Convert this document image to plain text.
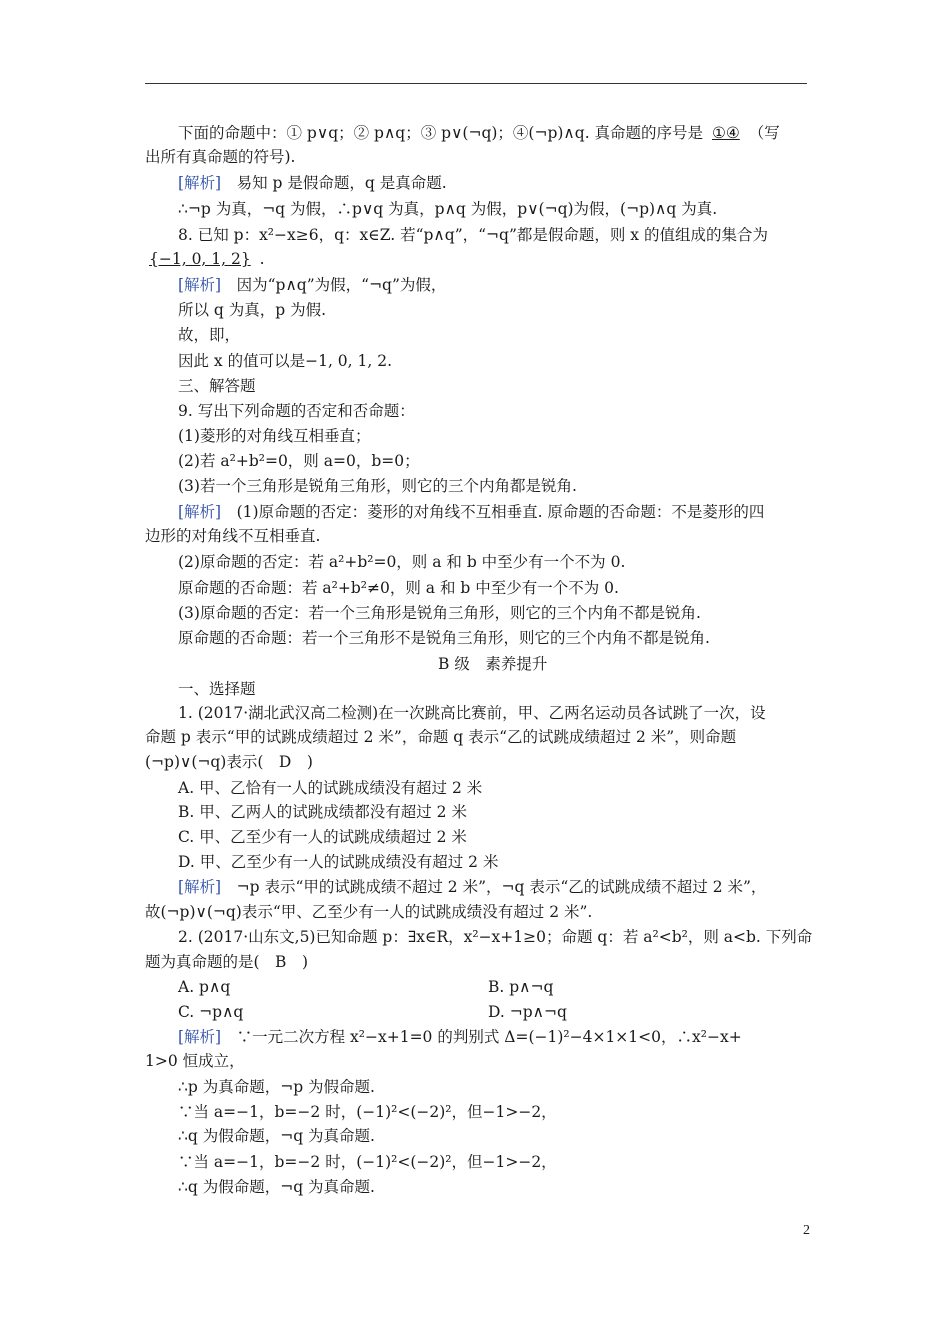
下面的命题中：① p∨q；② p∧q；③ p∨(¬q)；④(¬p)∧q. 真命题的序号是 ①④ （写
出所有真命题的符号).
[解析]　易知 p 是假命题，q 是真命题.
∴¬p 为真，¬q 为假，∴p∨q 为真，p∧q 为假，p∨(¬q)为假，(¬p)∧q 为真.
8. 已知 p：x²−x≥6，q：x∈Z. 若“p∧q”，“¬q”都是假命题，则 x 的值组成的集合为
{−1, 0, 1, 2} .
[解析]　因为“p∧q”为假，“¬q”为假，
所以 q 为真，p 为假.
故，即，
因此 x 的值可以是−1, 0, 1, 2.
三、解答题
9. 写出下列命题的否定和否命题：
(1)菱形的对角线互相垂直；
(2)若 a²+b²=0，则 a=0，b=0；
(3)若一个三角形是锐角三角形，则它的三个内角都是锐角.
[解析]　(1)原命题的否定：菱形的对角线不互相垂直. 原命题的否命题：不是菱形的四
边形的对角线不互相垂直.
(2)原命题的否定：若 a²+b²=0，则 a 和 b 中至少有一个不为 0.
原命题的否命题：若 a²+b²≠0，则 a 和 b 中至少有一个不为 0.
(3)原命题的否定：若一个三角形是锐角三角形，则它的三个内角不都是锐角.
原命题的否命题：若一个三角形不是锐角三角形，则它的三个内角不都是锐角.
B 级　素养提升
一、选择题
1. (2017·湖北武汉高二检测)在一次跳高比赛前，甲、乙两名运动员各试跳了一次，设
命题 p 表示“甲的试跳成绩超过 2 米”，命题 q 表示“乙的试跳成绩超过 2 米”，则命题
(¬p)∨(¬q)表示(　D　)
A. 甲、乙恰有一人的试跳成绩没有超过 2 米
B. 甲、乙两人的试跳成绩都没有超过 2 米
C. 甲、乙至少有一人的试跳成绩超过 2 米
D. 甲、乙至少有一人的试跳成绩没有超过 2 米
[解析]　¬p 表示“甲的试跳成绩不超过 2 米”，¬q 表示“乙的试跳成绩不超过 2 米”，
故(¬p)∨(¬q)表示“甲、乙至少有一人的试跳成绩没有超过 2 米”.
2. (2017·山东文,5)已知命题 p：∃x∈R，x²−x+1≥0；命题 q：若 a²<b²，则 a<b. 下列命
题为真命题的是(　B　)
A. p∧q	B. p∧¬q
C. ¬p∧q	D. ¬p∧¬q
[解析]　∵一元二次方程 x²−x+1=0 的判别式 Δ=(−1)²−4×1×1<0，∴x²−x+
1>0 恒成立，
∴p 为真命题，¬p 为假命题.
∵当 a=−1，b=−2 时，(−1)²<(−2)²，但−1>−2，
∴q 为假命题，¬q 为真命题.
∵当 a=−1，b=−2 时，(−1)²<(−2)²，但−1>−2，
∴q 为假命题，¬q 为真命题.
2
